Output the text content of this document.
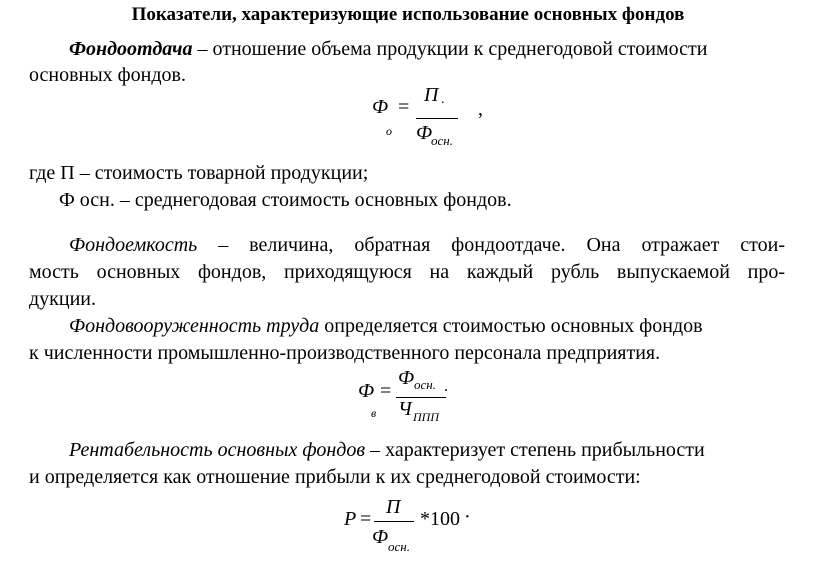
Показатели, характеризующие использование основных фондов
Фондоотдача – отношение объема продукции к среднегодовой стоимости
основных фондов.
Ф
о
=
П .
Ф
осн.
,
где П – стоимость товарной продукции;
Ф осн. – среднегодовая стоимость основных фондов.
Фондоемкость – величина, обратная фондоотдаче. Она отражает стои-
мость основных фондов, приходящуюся на каждый рубль выпускаемой про-
дукции.
Фондовооруженность труда определяется стоимостью основных фондов
к численности промышленно-производственного персонала предприятия.
Ф
в
=
Ф осн. .
Ч ППП
Рентабельность основных фондов – характеризует степень прибыльности
и определяется как отношение прибыли к их среднегодовой стоимости:
Р =
П
Ф осн.
*100 ·
